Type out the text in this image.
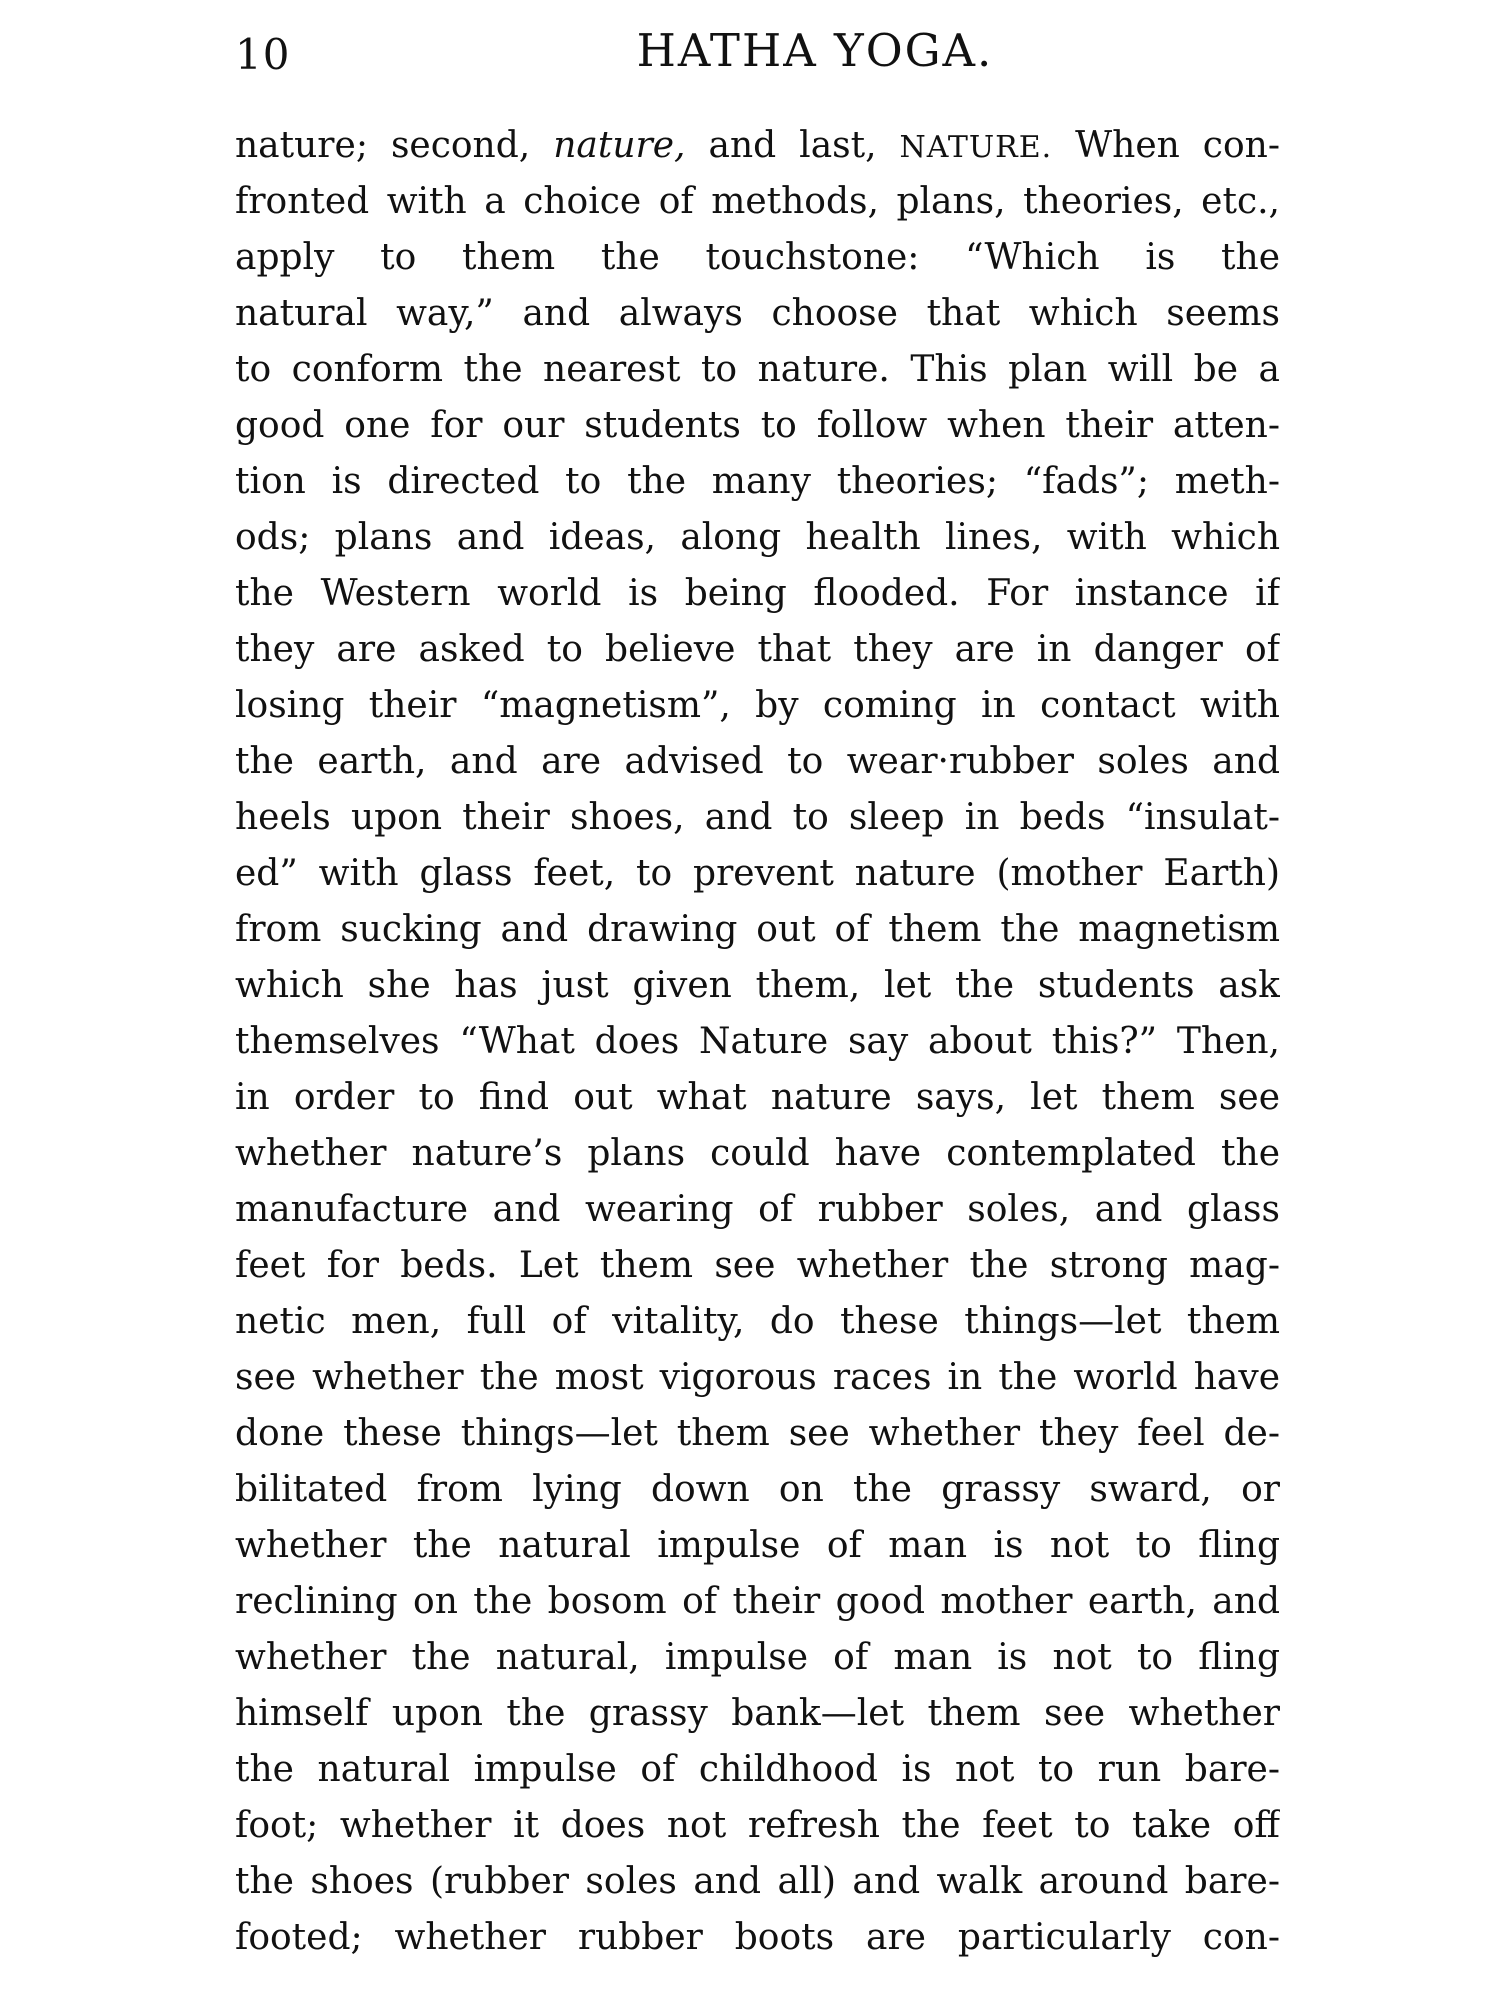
10	HATHA YOGA.
nature; second, nature, and last, NATURE. When con-
fronted with a choice of methods, plans, theories, etc.,
apply to them the touchstone: “Which is the
natural way,” and always choose that which seems
to conform the nearest to nature. This plan will be a
good one for our students to follow when their atten-
tion is directed to the many theories; “fads”; meth-
ods; plans and ideas, along health lines, with which
the Western world is being flooded. For instance if
they are asked to believe that they are in danger of
losing their “magnetism”, by coming in contact with
the earth, and are advised to wear·rubber soles and
heels upon their shoes, and to sleep in beds “insulat-
ed” with glass feet, to prevent nature (mother Earth)
from sucking and drawing out of them the magnetism
which she has just given them, let the students ask
themselves “What does Nature say about this?” Then,
in order to find out what nature says, let them see
whether nature’s plans could have contemplated the
manufacture and wearing of rubber soles, and glass
feet for beds. Let them see whether the strong mag-
netic men, full of vitality, do these things—let them
see whether the most vigorous races in the world have
done these things—let them see whether they feel de-
bilitated from lying down on the grassy sward, or
whether the natural impulse of man is not to fling
reclining on the bosom of their good mother earth, and
whether the natural, impulse of man is not to fling
himself upon the grassy bank—let them see whether
the natural impulse of childhood is not to run bare-
foot; whether it does not refresh the feet to take off
the shoes (rubber soles and all) and walk around bare-
footed; whether rubber boots are particularly con-
